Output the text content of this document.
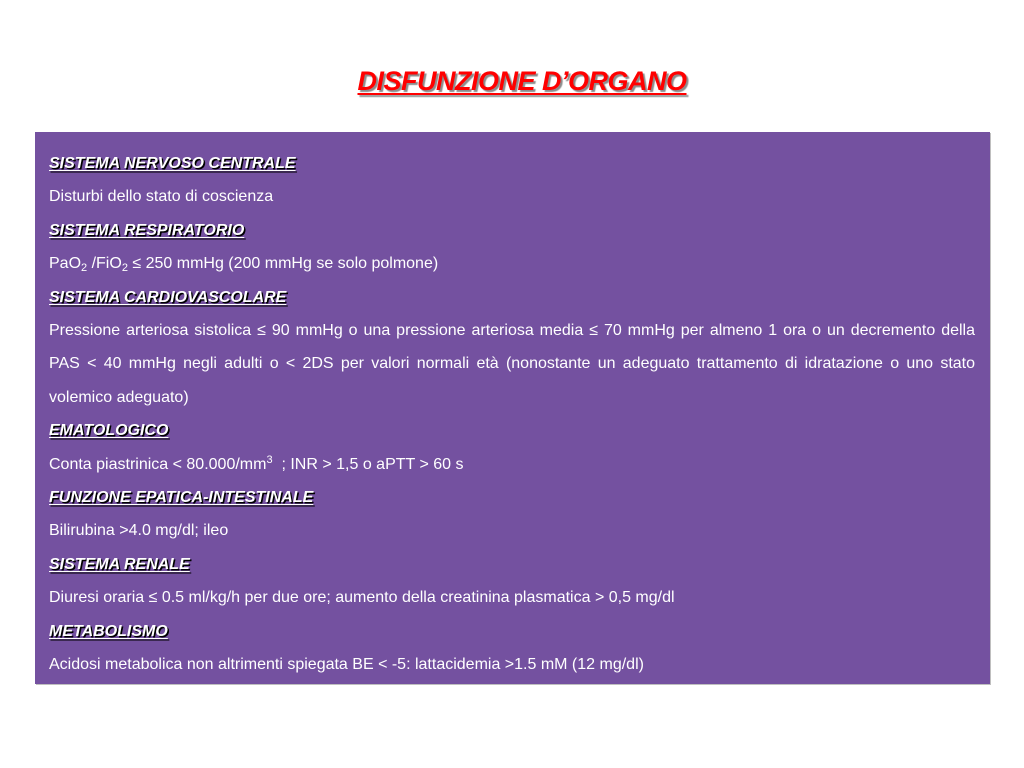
DISFUNZIONE D’ORGANO
SISTEMA NERVOSO CENTRALE
Disturbi dello stato di coscienza
SISTEMA RESPIRATORIO
PaO$_2$ /FiO$_2$ ≤ 250 mmHg (200 mmHg se solo polmone)
SISTEMA CARDIOVASCOLARE
Pressione arteriosa sistolica ≤ 90 mmHg o una pressione arteriosa media ≤ 70 mmHg per almeno 1 ora o un decremento della PAS < 40 mmHg negli adulti o < 2DS per valori normali età (nonostante un adeguato trattamento di idratazione o uno stato volemico adeguato)
EMATOLOGICO
Conta piastrinica < $80.000/mm^3$  ; INR > 1,5 o aPTT > 60 s
FUNZIONE EPATICA-INTESTINALE
Bilirubina >4.0 mg/dl; ileo
SISTEMA RENALE
Diuresi oraria ≤ 0.5 ml/kg/h per due ore; aumento della creatinina plasmatica > 0,5 mg/dl
METABOLISMO
Acidosi metabolica non altrimenti spiegata BE < -5: lattacidemia >1.5 mM (12 mg/dl)
